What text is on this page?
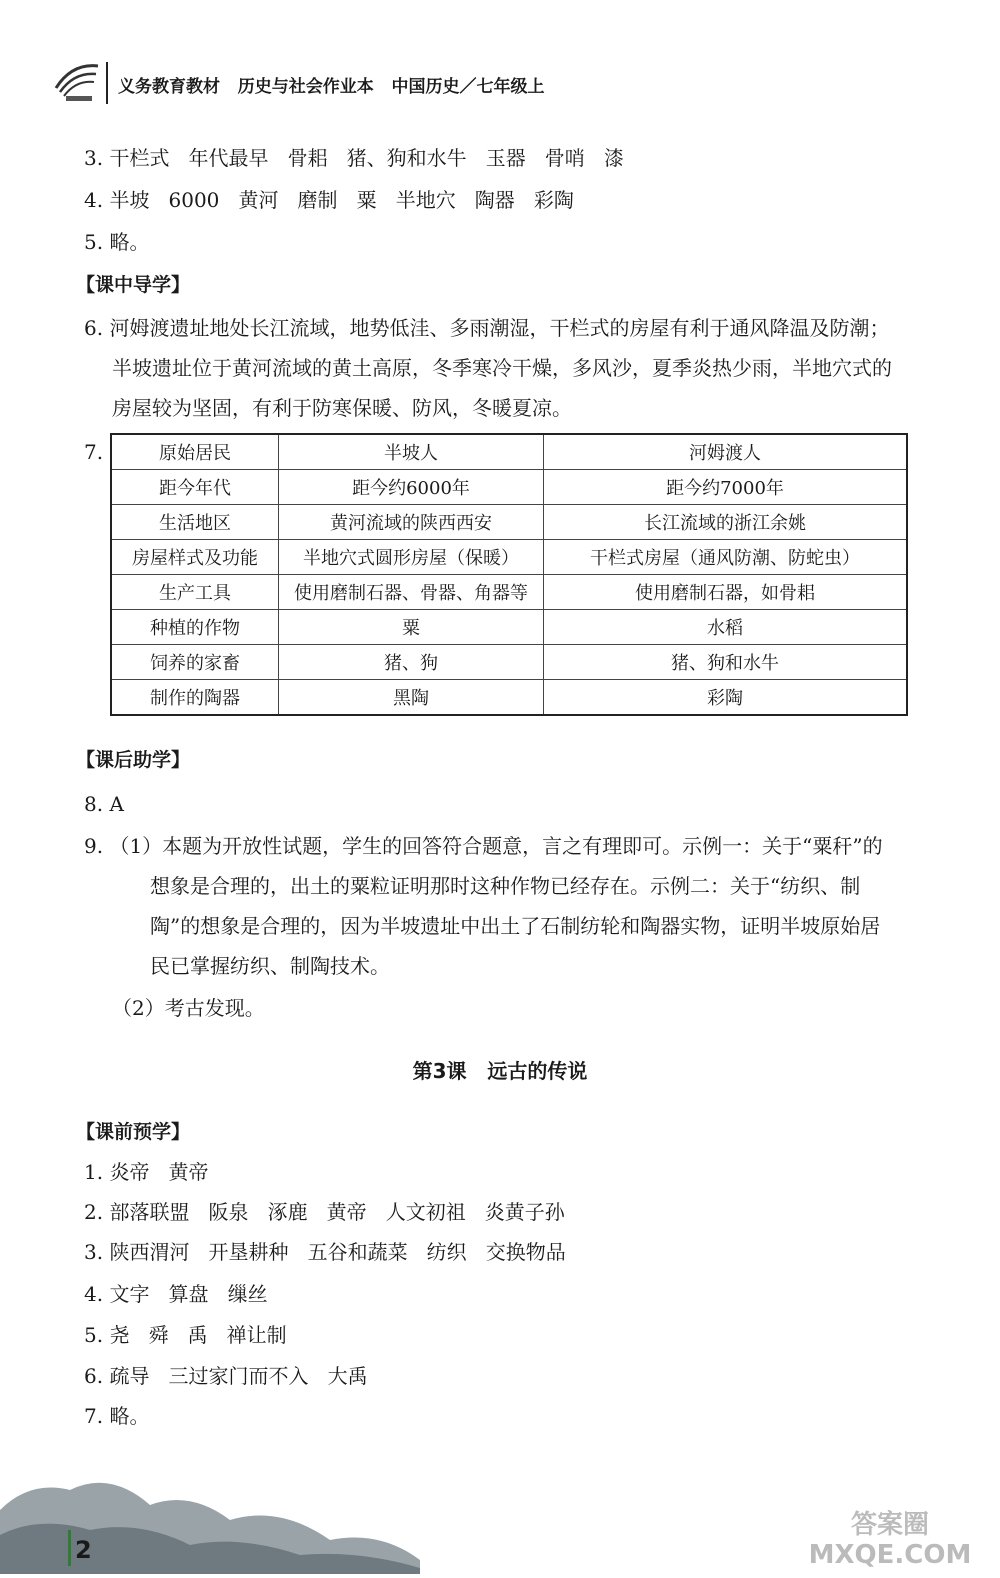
义务教育教材   历史与社会作业本   中国历史／七年级上
3. 干栏式   年代最早   骨耜   猪、狗和水牛   玉器   骨哨   漆
4. 半坡   6000   黄河   磨制   粟   半地穴   陶器   彩陶
5. 略。
【课中导学】
6. 河姆渡遗址地处长江流域，地势低洼、多雨潮湿，干栏式的房屋有利于通风降温及防潮；
半坡遗址位于黄河流域的黄土高原，冬季寒冷干燥，多风沙，夏季炎热少雨，半地穴式的
房屋较为坚固，有利于防寒保暖、防风，冬暖夏凉。
7.	原始居民	半坡人	河姆渡人
距今年代	距今约6000年	距今约7000年
生活地区	黄河流域的陕西西安	长江流域的浙江余姚
房屋样式及功能	半地穴式圆形房屋（保暖）	干栏式房屋（通风防潮、防蛇虫）
生产工具	使用磨制石器、骨器、角器等	使用磨制石器，如骨耜
种植的作物	粟	水稻
饲养的家畜	猪、狗	猪、狗和水牛
制作的陶器	黑陶	彩陶
【课后助学】
8. A
9. （1）本题为开放性试题，学生的回答符合题意，言之有理即可。示例一：关于“粟秆”的
想象是合理的，出土的粟粒证明那时这种作物已经存在。示例二：关于“纺织、制
陶”的想象是合理的，因为半坡遗址中出土了石制纺轮和陶器实物，证明半坡原始居
民已掌握纺织、制陶技术。
（2）考古发现。
第3课   远古的传说
【课前预学】
1. 炎帝   黄帝
2. 部落联盟   阪泉   涿鹿   黄帝   人文初祖   炎黄子孙
3. 陕西渭河   开垦耕种   五谷和蔬菜   纺织   交换物品
4. 文字   算盘   缫丝
5. 尧   舜   禹   禅让制
6. 疏导   三过家门而不入   大禹
7. 略。
2
答案圈 MXQE.COM
